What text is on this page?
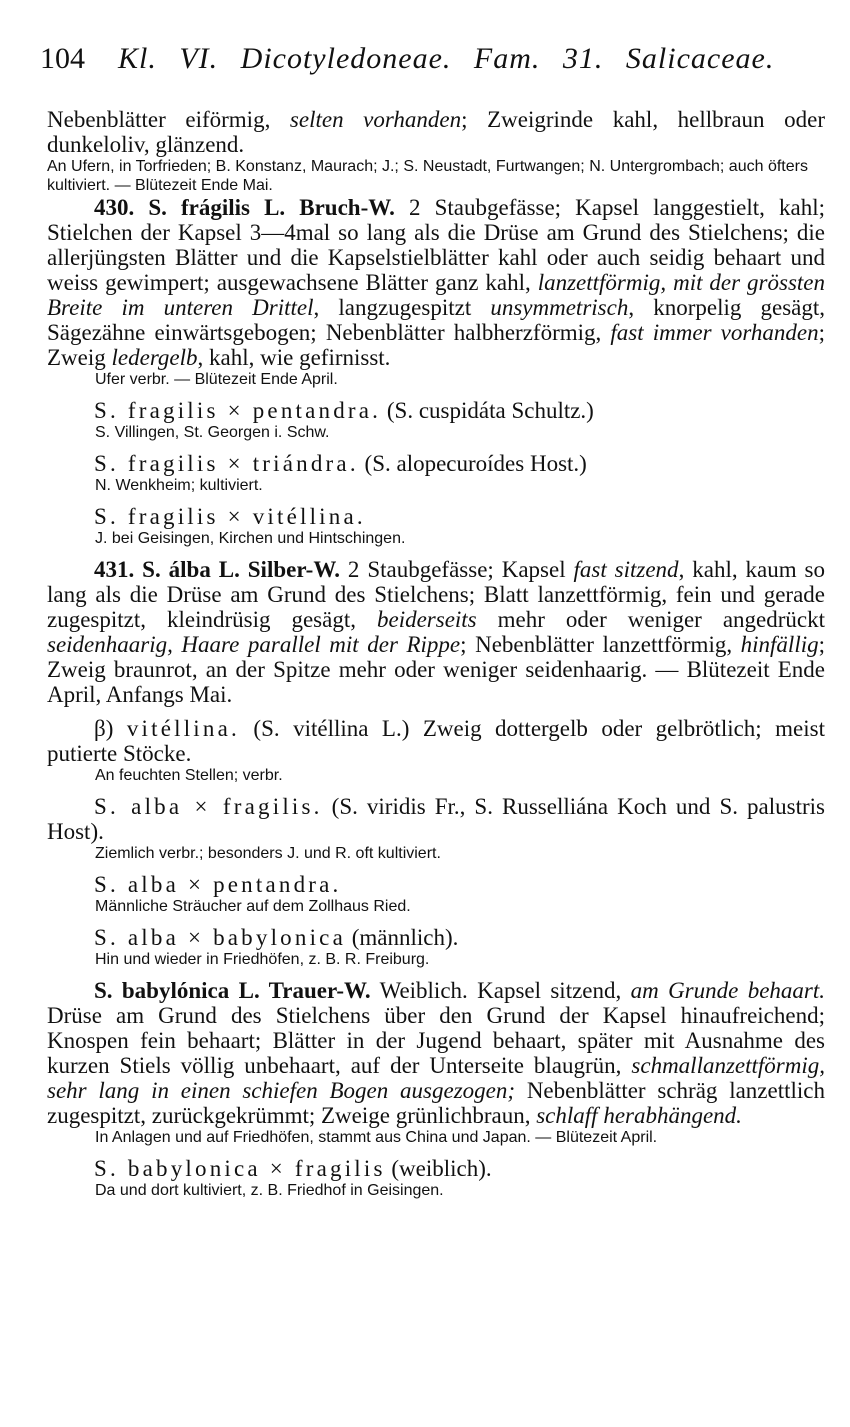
104 Kl. VI. Dicotyledoneae. Fam. 31. Salicaceae.

Nebenblätter eiförmig, selten vorhanden; Zweigrinde kahl, hellbraun oder dunkeloliv, glänzend.

An Ufern, in Torfrieden; B. Konstanz, Maurach; J.; S. Neustadt, Furtwangen; N. Untergrombach; auch öfters kultiviert. — Blütezeit Ende Mai.

430. S. frágilis L. Bruch-W. 2 Staubgefässe; Kapsel langgestielt, kahl; Stielchen der Kapsel 3—4mal so lang als die Drüse am Grund des Stielchens; die allerjüngsten Blätter und die Kapselstielblätter kahl oder auch seidig behaart und weiss gewimpert; ausgewachsene Blätter ganz kahl, lanzettförmig, mit der grössten Breite im unteren Drittel, langzugespitzt unsymmetrisch, knorpelig gesägt, Sägezähne einwärtsgebogen; Nebenblätter halbherzförmig, fast immer vorhanden; Zweig ledergelb, kahl, wie gefirnisst.

Ufer verbr. — Blütezeit Ende April.

S. fragilis × pentandra. (S. cuspidáta Schultz.)

S. Villingen, St. Georgen i. Schw.

S. fragilis × triándra. (S. alopecuroídes Host.)

N. Wenkheim; kultiviert.

S. fragilis × vitéllina.

J. bei Geisingen, Kirchen und Hintschingen.

431. S. álba L. Silber-W. 2 Staubgefässe; Kapsel fast sitzend, kahl, kaum so lang als die Drüse am Grund des Stielchens; Blatt lanzettförmig, fein und gerade zugespitzt, kleindrüsig gesägt, beiderseits mehr oder weniger angedrückt seidenhaarig, Haare parallel mit der Rippe; Nebenblätter lanzettförmig, hinfällig; Zweig braunrot, an der Spitze mehr oder weniger seidenhaarig. — Blütezeit Ende April, Anfangs Mai.

β) vitéllina. (S. vitéllina L.) Zweig dottergelb oder gelbrötlich; meist putierte Stöcke.

An feuchten Stellen; verbr.

S. alba × fragilis. (S. viridis Fr., S. Russelliána Koch und S. palustris Host).

Ziemlich verbr.; besonders J. und R. oft kultiviert.

S. alba × pentandra.

Männliche Sträucher auf dem Zollhaus Ried.

S. alba × babylonica (männlich).

Hin und wieder in Friedhöfen, z. B. R. Freiburg.

S. babylónica L. Trauer-W. Weiblich. Kapsel sitzend, am Grunde behaart. Drüse am Grund des Stielchens über den Grund der Kapsel hinaufreichend; Knospen fein behaart; Blätter in der Jugend behaart, später mit Ausnahme des kurzen Stiels völlig unbehaart, auf der Unterseite blaugrün, schmallanzettförmig, sehr lang in einen schiefen Bogen ausgezogen; Nebenblätter schräg lanzettlich zugespitzt, zurückgekrümmt; Zweige grünlichbraun, schlaff herabhängend.

In Anlagen und auf Friedhöfen, stammt aus China und Japan. — Blütezeit April.

S. babylonica × fragilis (weiblich).

Da und dort kultiviert, z. B. Friedhof in Geisingen.
